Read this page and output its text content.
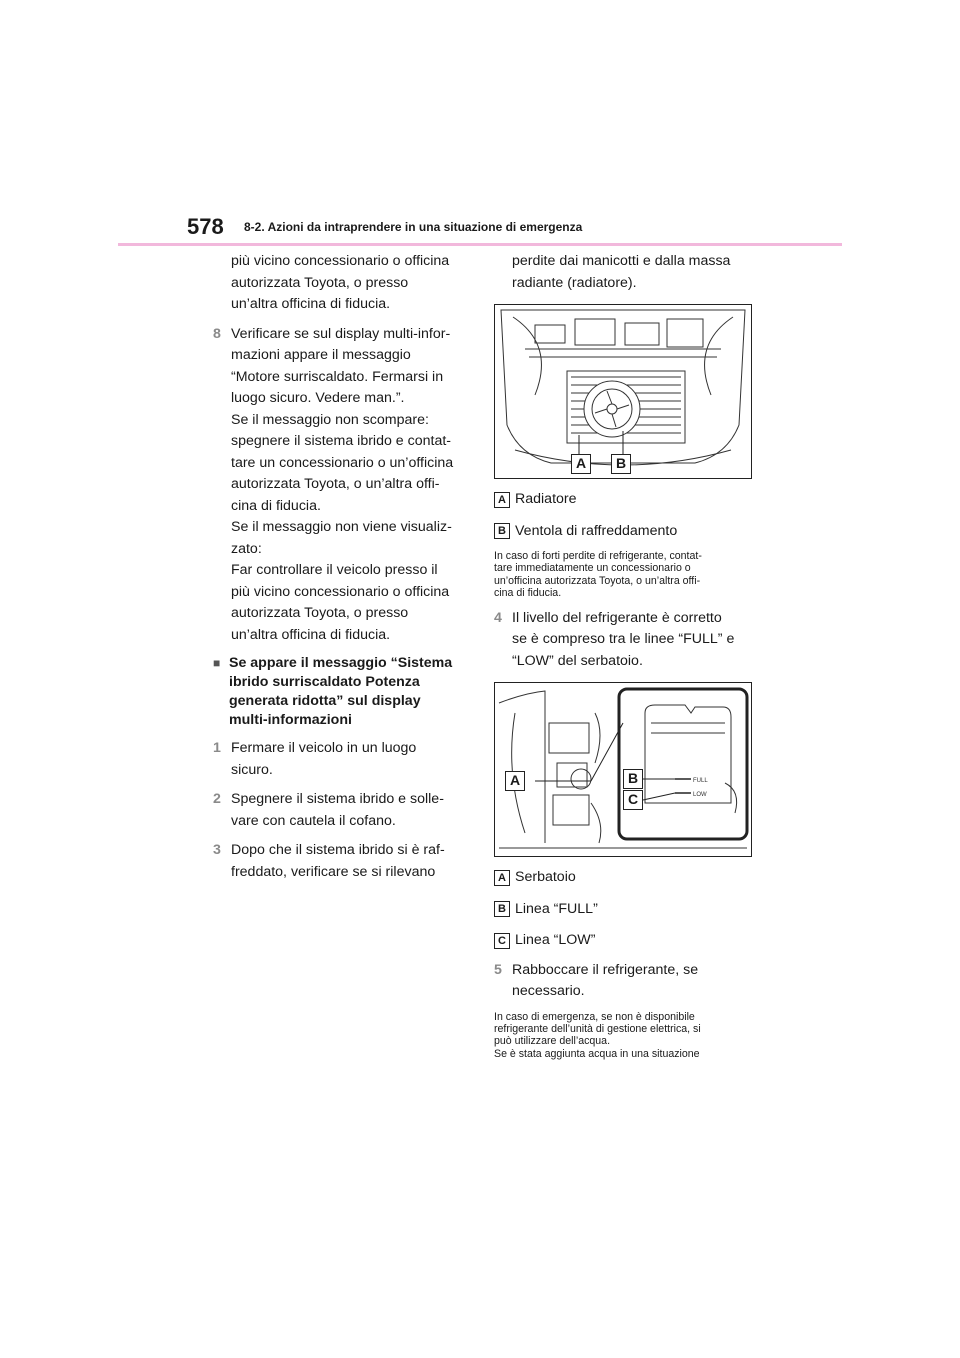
578 8-2. Azioni da intraprendere in una situazione di emergenza
più vicino concessionario o officina
autorizzata Toyota, o presso
un’altra officina di fiducia.
8 Verificare se sul display multi-infor-
mazioni appare il messaggio
“Motore surriscaldato. Fermarsi in
luogo sicuro. Vedere man.”.
Se il messaggio non scompare:
spegnere il sistema ibrido e contat-
tare un concessionario o un’officina
autorizzata Toyota, o un’altra offi-
cina di fiducia.
Se il messaggio non viene visualiz-
zato:
Far controllare il veicolo presso il
più vicino concessionario o officina
autorizzata Toyota, o presso
un’altra officina di fiducia.
■ Se appare il messaggio “Sistema
ibrido surriscaldato Potenza
generata ridotta” sul display
multi-informazioni
1 Fermare il veicolo in un luogo
sicuro.
2 Spegnere il sistema ibrido e solle-
vare con cautela il cofano.
3 Dopo che il sistema ibrido si è raf-
freddato, verificare se si rilevano
perdite dai manicotti e dalla massa
radiante (radiatore).
A	B
A Radiatore
B Ventola di raffreddamento
In caso di forti perdite di refrigerante, contat-
tare immediatamente un concessionario o
un’officina autorizzata Toyota, o un’altra offi-
cina di fiducia.
4 Il livello del refrigerante è corretto
se è compreso tra le linee “FULL” e
“LOW” del serbatoio.
FULL
LOW
A	B
C
A Serbatoio
B Linea “FULL”
C Linea “LOW”
5 Rabboccare il refrigerante, se
necessario.
In caso di emergenza, se non è disponibile
refrigerante dell’unità di gestione elettrica, si
può utilizzare dell’acqua.
Se è stata aggiunta acqua in una situazione
